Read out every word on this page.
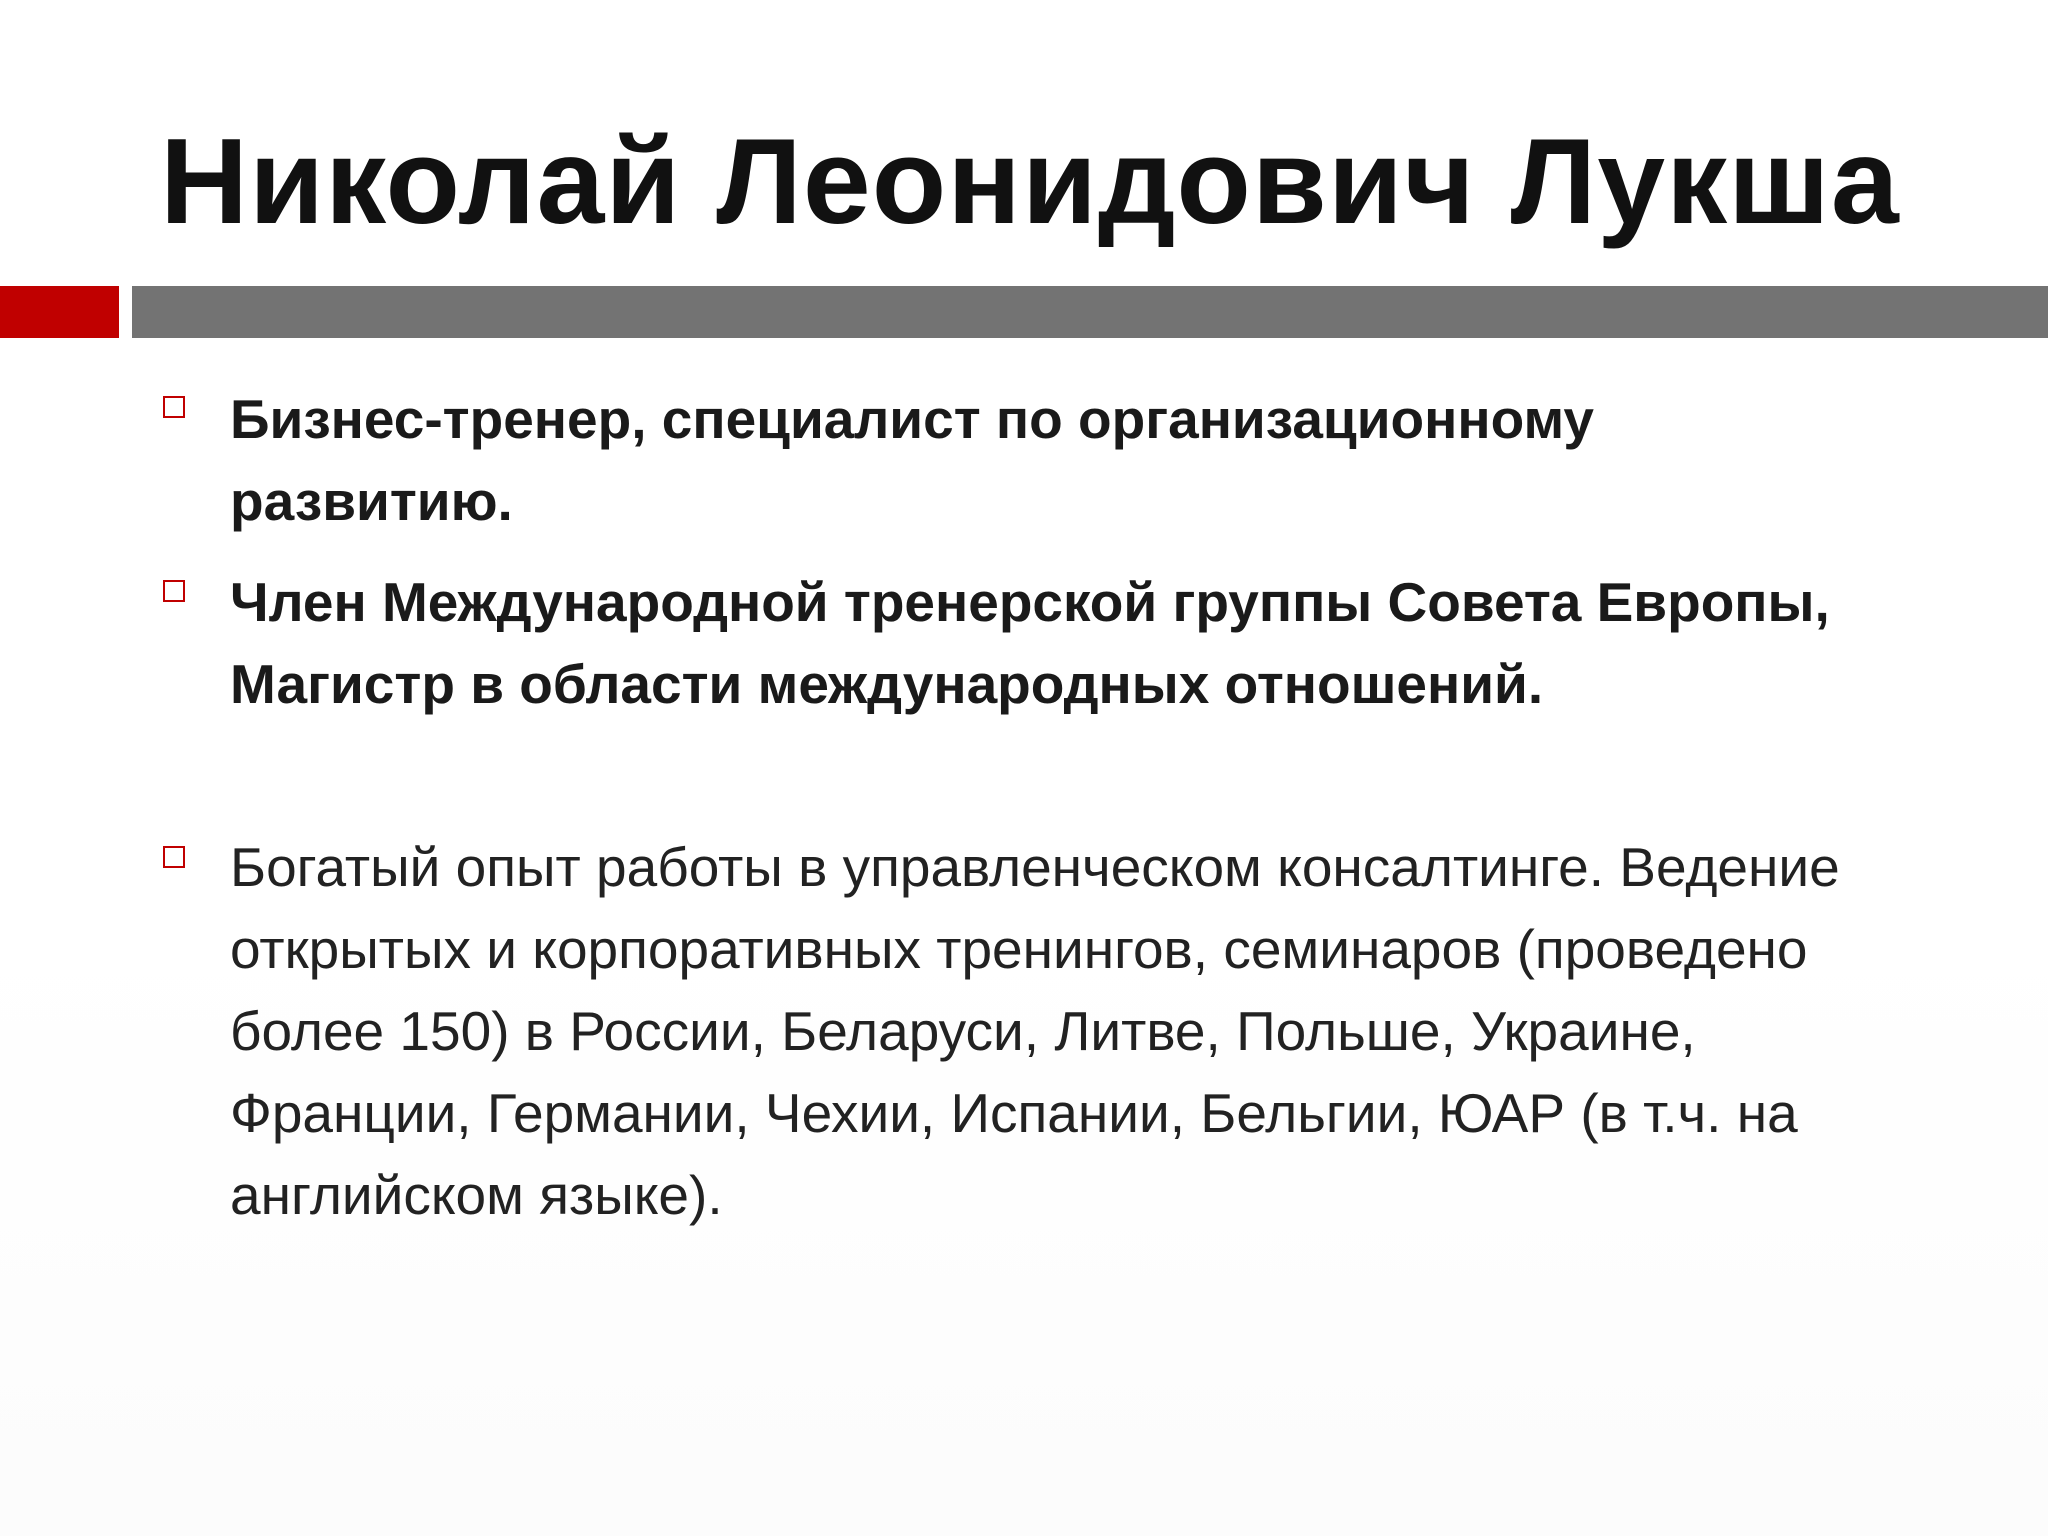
Николай Леонидович Лукша

Бизнес-тренер, специалист по организационному развитию.

Член Международной тренерской группы Совета Европы, Магистр в области международных отношений.

Богатый опыт работы в управленческом консалтинге. Ведение открытых и корпоративных тренингов, семинаров (проведено более 150) в России, Беларуси, Литве, Польше, Украине, Франции, Германии, Чехии, Испании, Бельгии, ЮАР (в т.ч. на английском языке).
